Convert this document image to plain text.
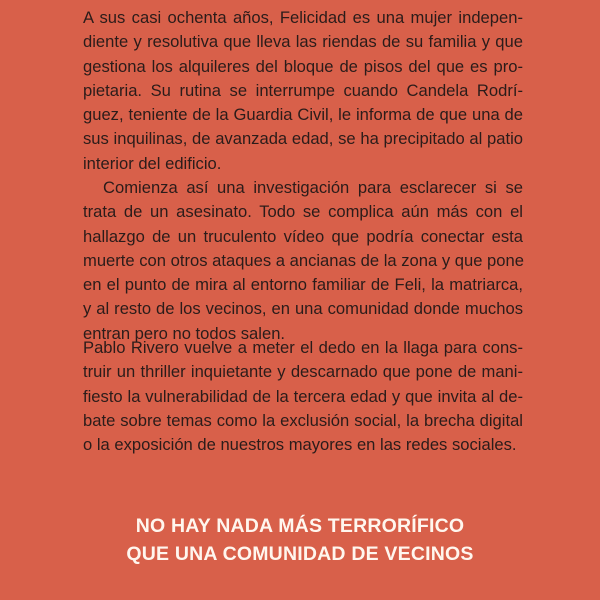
A sus casi ochenta años, Felicidad es una mujer indepen-
diente y resolutiva que lleva las riendas de su familia y que
gestiona los alquileres del bloque de pisos del que es pro-
pietaria. Su rutina se interrumpe cuando Candela Rodrí-
guez, teniente de la Guardia Civil, le informa de que una de
sus inquilinas, de avanzada edad, se ha precipitado al patio
interior del edificio.
Comienza así una investigación para esclarecer si se
trata de un asesinato. Todo se complica aún más con el
hallazgo de un truculento vídeo que podría conectar esta
muerte con otros ataques a ancianas de la zona y que pone
en el punto de mira al entorno familiar de Feli, la matriarca,
y al resto de los vecinos, en una comunidad donde muchos
entran pero no todos salen.
Pablo Rivero vuelve a meter el dedo en la llaga para cons-
truir un thriller inquietante y descarnado que pone de mani-
fiesto la vulnerabilidad de la tercera edad y que invita al de-
bate sobre temas como la exclusión social, la brecha digital
o la exposición de nuestros mayores en las redes sociales.
NO HAY NADA MÁS TERRORÍFICO
QUE UNA COMUNIDAD DE VECINOS
